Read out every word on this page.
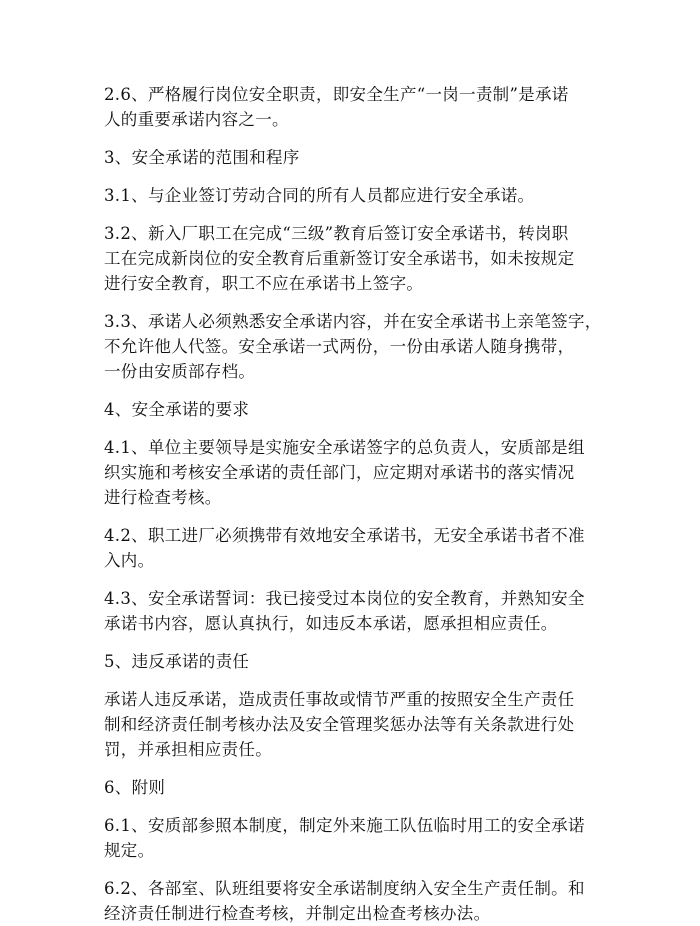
2.6、严格履行岗位安全职责，即安全生产“一岗一责制”是承诺
人的重要承诺内容之一。

3、安全承诺的范围和程序

3.1、与企业签订劳动合同的所有人员都应进行安全承诺。

3.2、新入厂职工在完成“三级”教育后签订安全承诺书，转岗职
工在完成新岗位的安全教育后重新签订安全承诺书，如未按规定
进行安全教育，职工不应在承诺书上签字。

3.3、承诺人必须熟悉安全承诺内容，并在安全承诺书上亲笔签字，
不允许他人代签。安全承诺一式两份，一份由承诺人随身携带，
一份由安质部存档。

4、安全承诺的要求

4.1、单位主要领导是实施安全承诺签字的总负责人，安质部是组
织实施和考核安全承诺的责任部门，应定期对承诺书的落实情况
进行检查考核。

4.2、职工进厂必须携带有效地安全承诺书，无安全承诺书者不准
入内。

4.3、安全承诺誓词：我已接受过本岗位的安全教育，并熟知安全
承诺书内容，愿认真执行，如违反本承诺，愿承担相应责任。

5、违反承诺的责任

承诺人违反承诺，造成责任事故或情节严重的按照安全生产责任
制和经济责任制考核办法及安全管理奖惩办法等有关条款进行处
罚，并承担相应责任。

6、附则

6.1、安质部参照本制度，制定外来施工队伍临时用工的安全承诺
规定。

6.2、各部室、队班组要将安全承诺制度纳入安全生产责任制。和
经济责任制进行检查考核，并制定出检查考核办法。
